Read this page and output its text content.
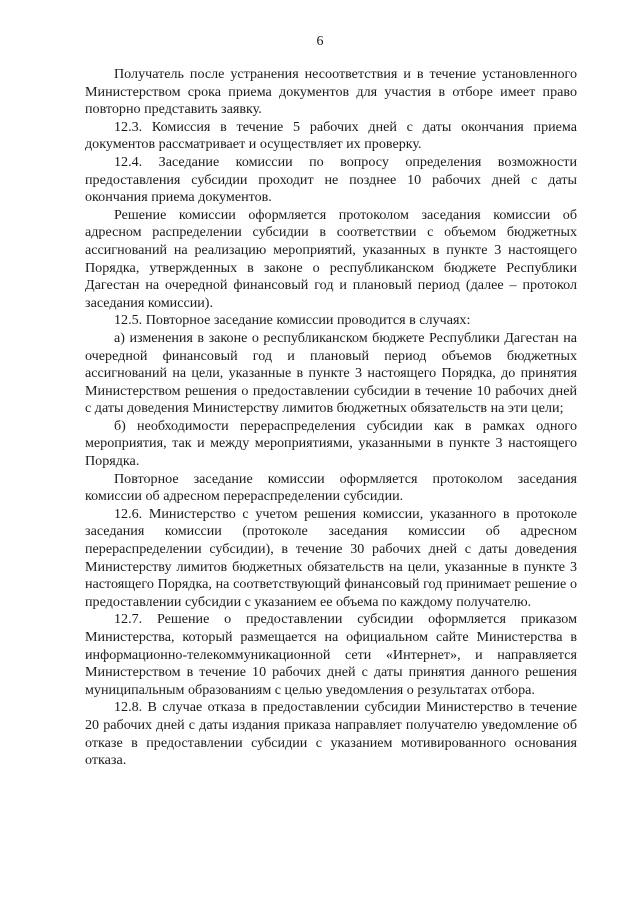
6

Получатель после устранения несоответствия и в течение установленного Министерством срока приема документов для участия в отборе имеет право повторно представить заявку.

12.3. Комиссия в течение 5 рабочих дней с даты окончания приема документов рассматривает и осуществляет их проверку.

12.4. Заседание комиссии по вопросу определения возможности предоставления субсидии проходит не позднее 10 рабочих дней с даты окончания приема документов.

Решение комиссии оформляется протоколом заседания комиссии об адресном распределении субсидии в соответствии с объемом бюджетных ассигнований на реализацию мероприятий, указанных в пункте 3 настоящего Порядка, утвержденных в законе о республиканском бюджете Республики Дагестан на очередной финансовый год и плановый период (далее – протокол заседания комиссии).

12.5. Повторное заседание комиссии проводится в случаях:

а) изменения в законе о республиканском бюджете Республики Дагестан на очередной финансовый год и плановый период объемов бюджетных ассигнований на цели, указанные в пункте 3 настоящего Порядка, до принятия Министерством решения о предоставлении субсидии в течение 10 рабочих дней с даты доведения Министерству лимитов бюджетных обязательств на эти цели;

б) необходимости перераспределения субсидии как в рамках одного мероприятия, так и между мероприятиями, указанными в пункте 3 настоящего Порядка.

Повторное заседание комиссии оформляется протоколом заседания комиссии об адресном перераспределении субсидии.

12.6. Министерство с учетом решения комиссии, указанного в протоколе заседания комиссии (протоколе заседания комиссии об адресном перераспределении субсидии), в течение 30 рабочих дней с даты доведения Министерству лимитов бюджетных обязательств на цели, указанные в пункте 3 настоящего Порядка, на соответствующий финансовый год принимает решение о предоставлении субсидии с указанием ее объема по каждому получателю.

12.7. Решение о предоставлении субсидии оформляется приказом Министерства, который размещается на официальном сайте Министерства в информационно-телекоммуникационной сети «Интернет», и направляется Министерством в течение 10 рабочих дней с даты принятия данного решения муниципальным образованиям с целью уведомления о результатах отбора.

12.8. В случае отказа в предоставлении субсидии Министерство в течение 20 рабочих дней с даты издания приказа направляет получателю уведомление об отказе в предоставлении субсидии с указанием мотивированного основания отказа.
